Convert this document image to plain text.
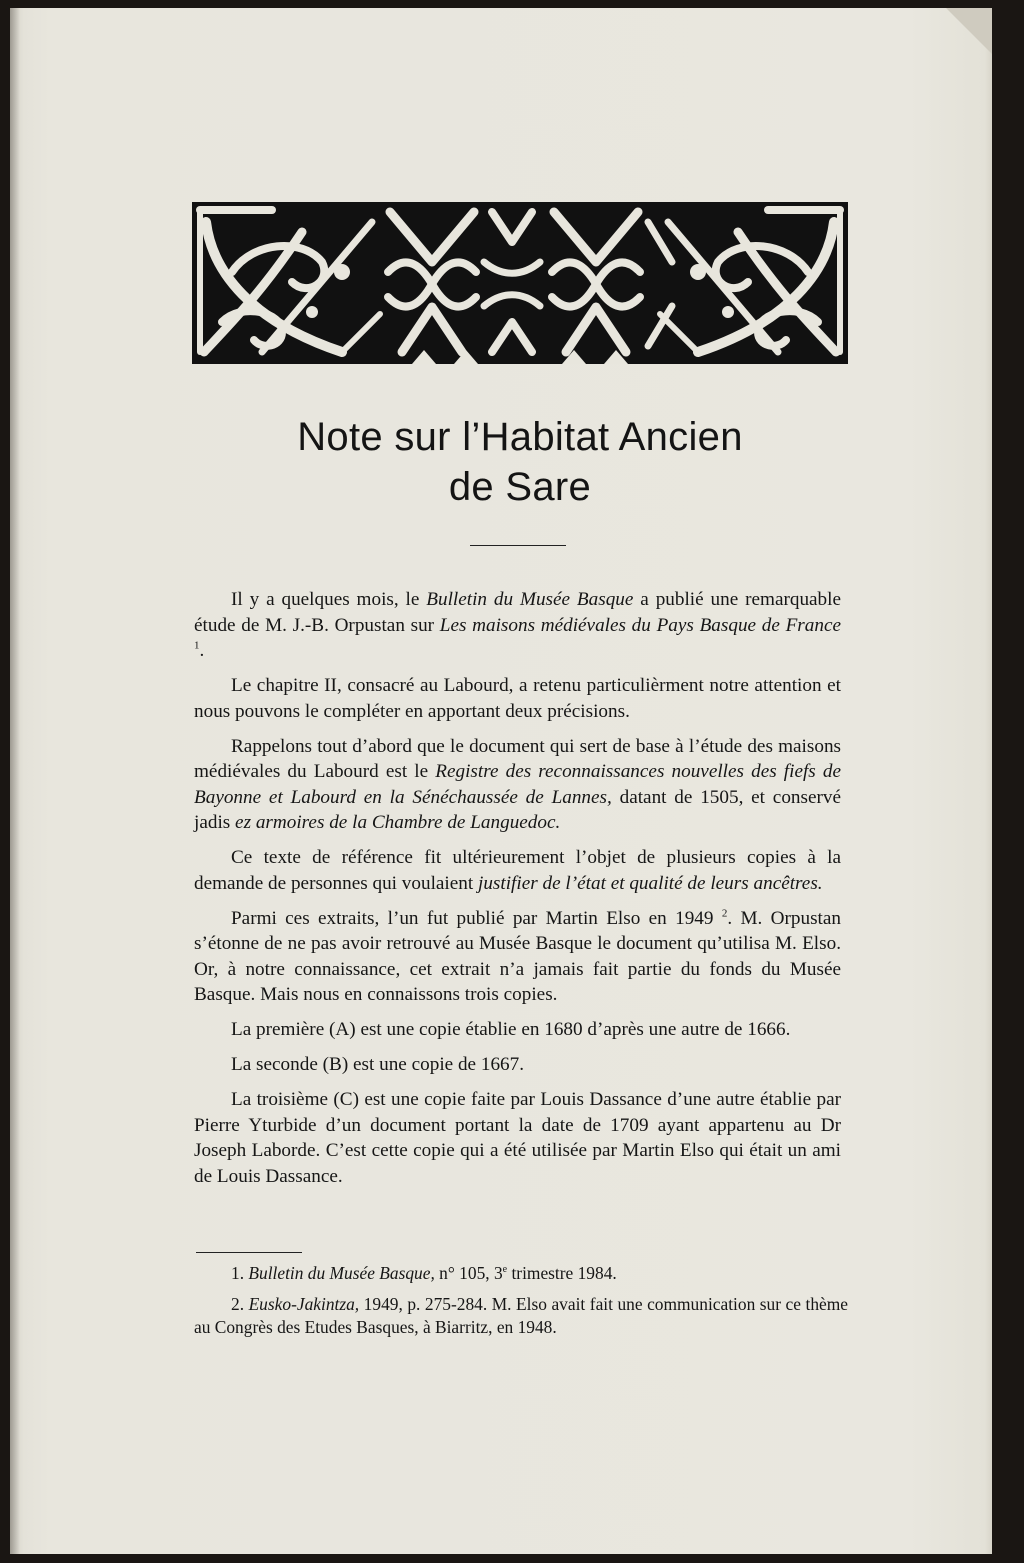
Note sur l’Habitat Ancien
de Sare

Il y a quelques mois, le Bulletin du Musée Basque a publié une remarquable étude de M. J.-B. Orpustan sur Les maisons médiévales du Pays Basque de France $^1$.

Le chapitre II, consacré au Labourd, a retenu particulièrment notre attention et nous pouvons le compléter en apportant deux précisions.

Rappelons tout d’abord que le document qui sert de base à l’étude des maisons médiévales du Labourd est le Registre des reconnaissances nouvelles des fiefs de Bayonne et Labourd en la Sénéchaussée de Lannes, datant de 1505, et conservé jadis ez armoires de la Chambre de Languedoc.

Ce texte de référence fit ultérieurement l’objet de plusieurs copies à la demande de personnes qui voulaient justifier de l’état et qualité de leurs ancêtres.

Parmi ces extraits, l’un fut publié par Martin Elso en 1949 $^2$. M. Orpustan s’étonne de ne pas avoir retrouvé au Musée Basque le document qu’utilisa M. Elso. Or, à notre connaissance, cet extrait n’a jamais fait partie du fonds du Musée Basque. Mais nous en connaissons trois copies.

La première (A) est une copie établie en 1680 d’après une autre de 1666.

La seconde (B) est une copie de 1667.

La troisième (C) est une copie faite par Louis Dassance d’une autre établie par Pierre Yturbide d’un document portant la date de 1709 ayant appartenu au Dr Joseph Laborde. C’est cette copie qui a été utilisée par Martin Elso qui était un ami de Louis Dassance.

1. Bulletin du Musée Basque, n° 105, 3e trimestre 1984.

2. Eusko-Jakintza, 1949, p. 275-284. M. Elso avait fait une communication sur ce thème au Congrès des Etudes Basques, à Biarritz, en 1948.
